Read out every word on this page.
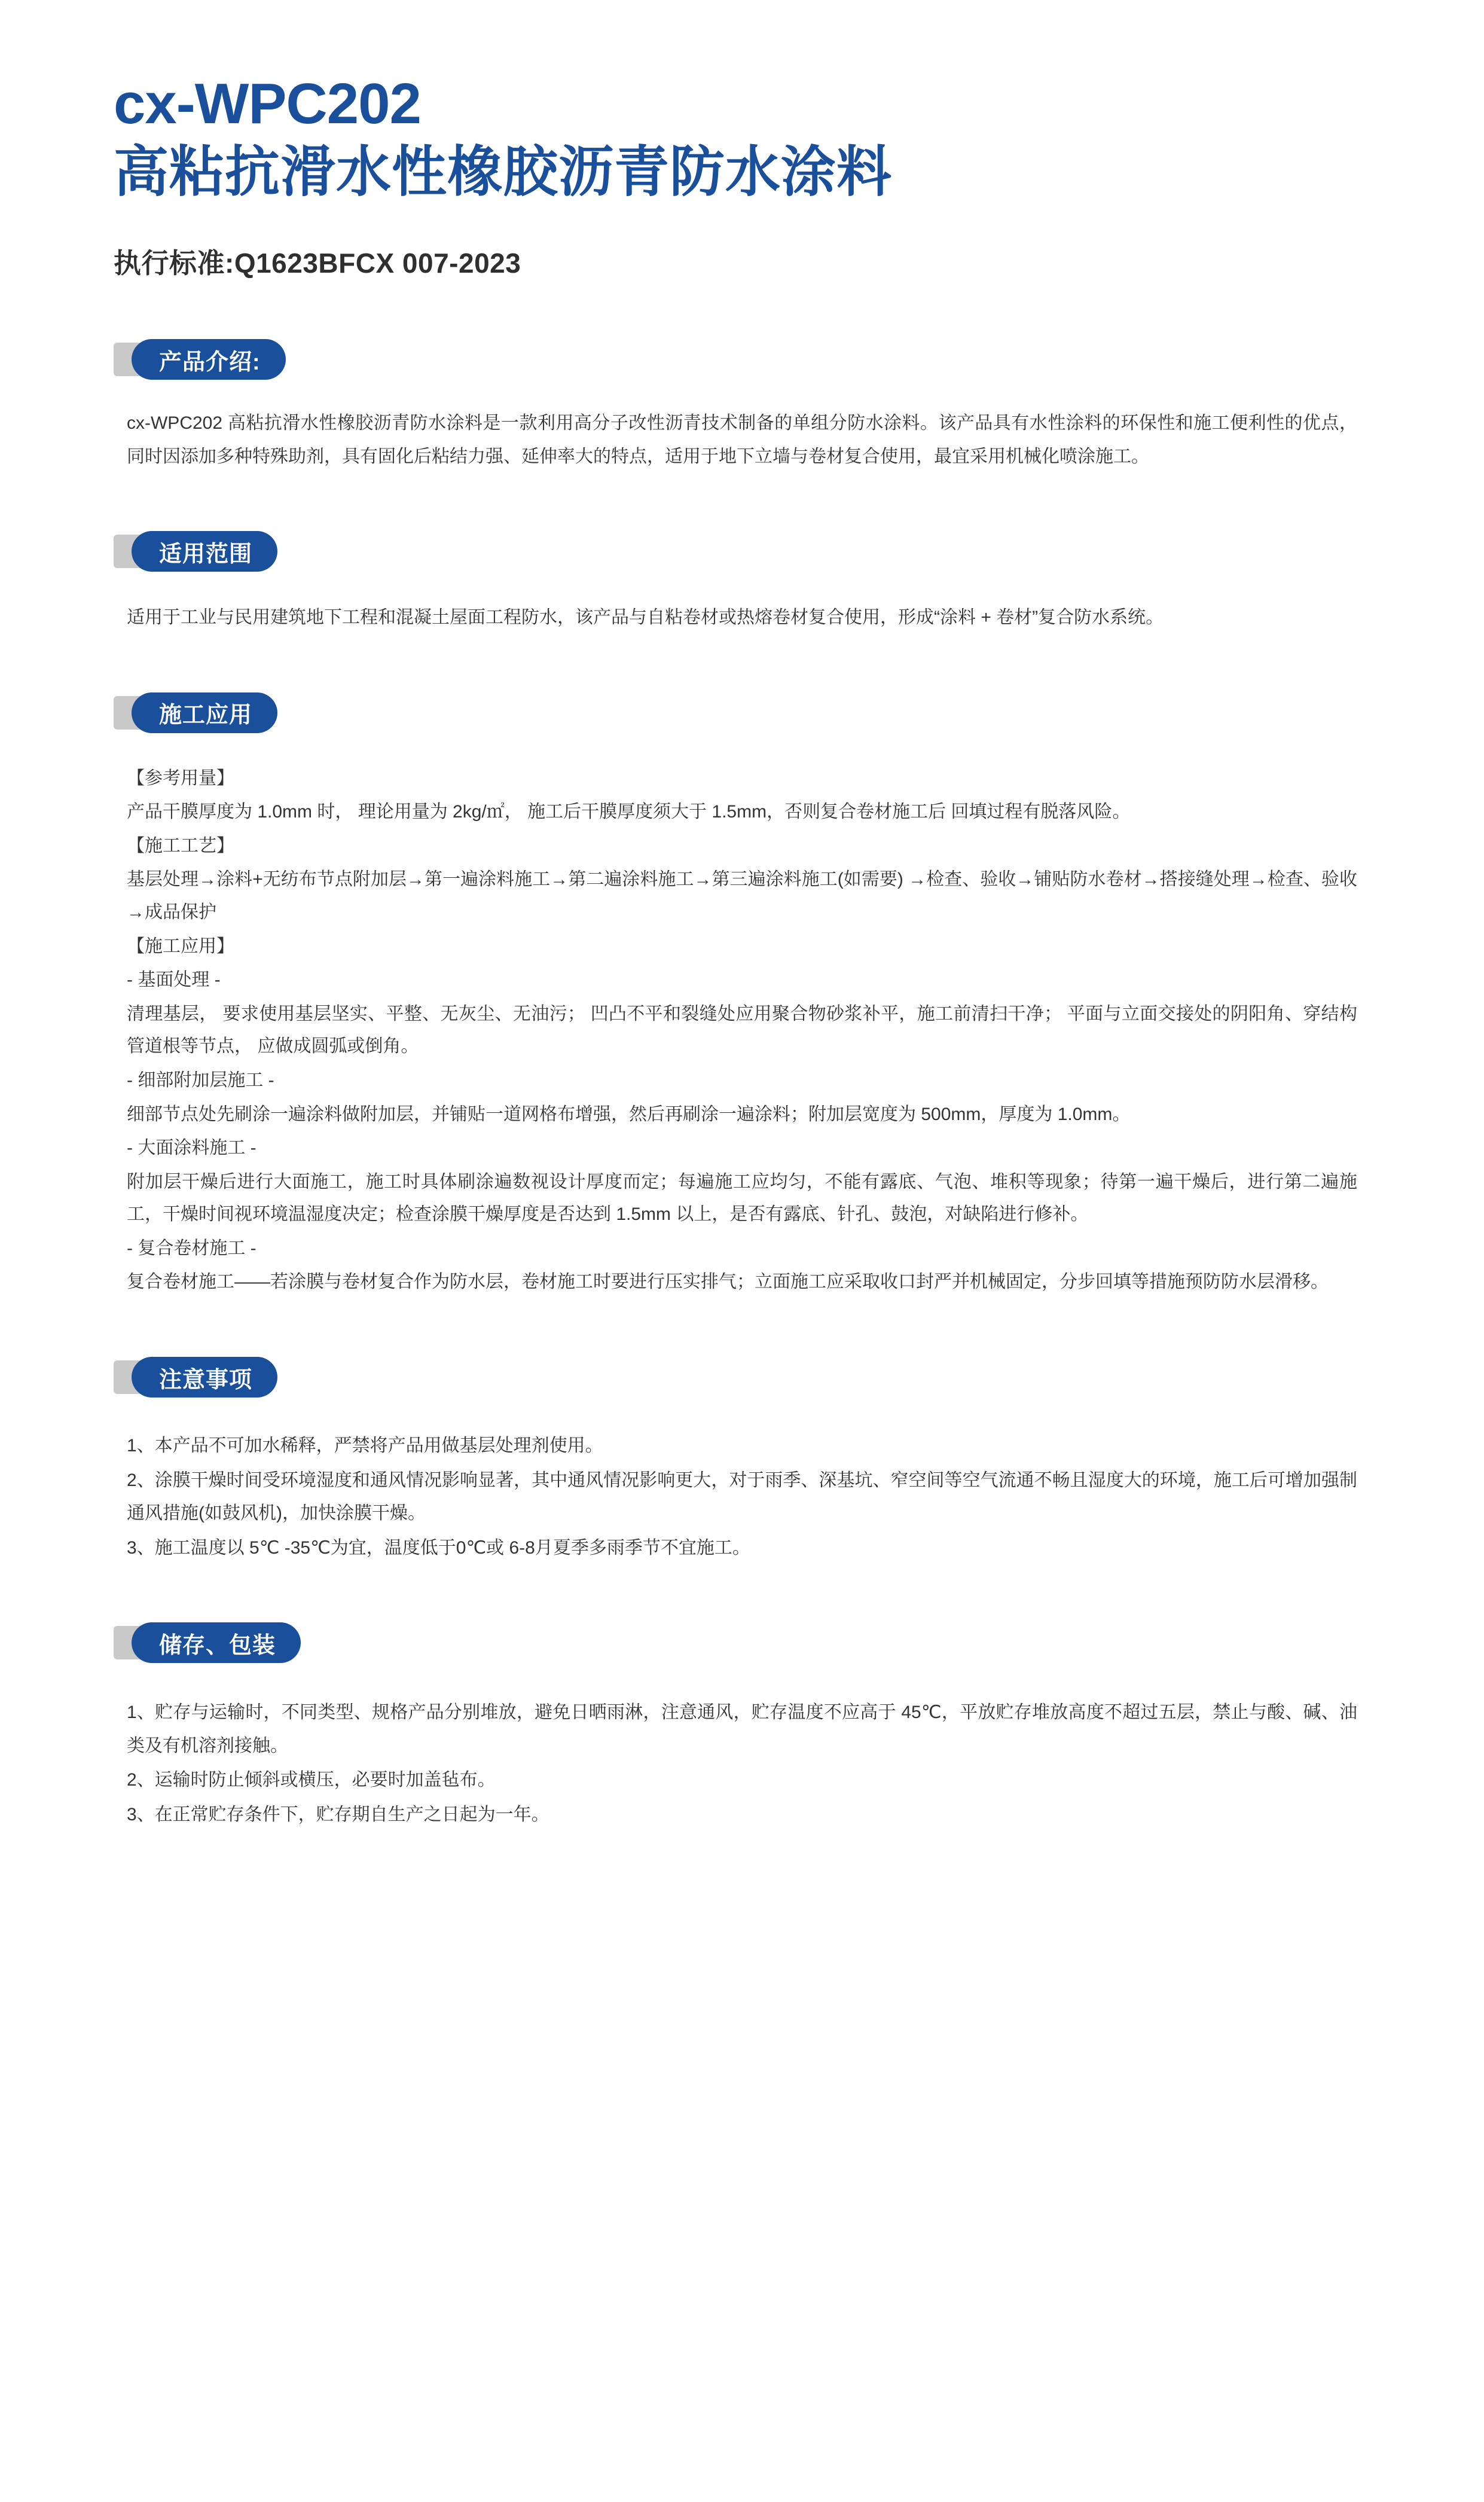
cx-WPC202
高粘抗滑水性橡胶沥青防水涂料
执行标准:Q1623BFCX 007-2023
产品介绍:

cx-WPC202 高粘抗滑水性橡胶沥青防水涂料是一款利用高分子改性沥青技术制备的单组分防水涂料。该产品具有水性涂料的环保性和施工便利性的优点，同时因添加多种特殊助剂，具有固化后粘结力强、延伸率大的特点，适用于地下立墙与卷材复合使用，最宜采用机械化喷涂施工。

适用范围

适用于工业与民用建筑地下工程和混凝土屋面工程防水，该产品与自粘卷材或热熔卷材复合使用，形成“涂料 + 卷材”复合防水系统。

施工应用

【参考用量】

产品干膜厚度为 1.0mm 时， 理论用量为 2kg/㎡， 施工后干膜厚度须大于 1.5mm，否则复合卷材施工后 回填过程有脱落风险。

【施工工艺】

基层处理→涂料+无纺布节点附加层→第一遍涂料施工→第二遍涂料施工→第三遍涂料施工(如需要) →检查、验收→铺贴防水卷材→搭接缝处理→检查、验收→成品保护

【施工应用】

- 基面处理 -

清理基层， 要求使用基层坚实、平整、无灰尘、无油污； 凹凸不平和裂缝处应用聚合物砂浆补平，施工前清扫干净； 平面与立面交接处的阴阳角、穿结构管道根等节点， 应做成圆弧或倒角。

- 细部附加层施工 -

细部节点处先刷涂一遍涂料做附加层，并铺贴一道网格布增强，然后再刷涂一遍涂料；附加层宽度为 500mm，厚度为 1.0mm。

- 大面涂料施工 -

附加层干燥后进行大面施工，施工时具体刷涂遍数视设计厚度而定；每遍施工应均匀，不能有露底、气泡、堆积等现象；待第一遍干燥后，进行第二遍施工，干燥时间视环境温湿度决定；检查涂膜干燥厚度是否达到 1.5mm 以上，是否有露底、针孔、鼓泡，对缺陷进行修补。

- 复合卷材施工 -

复合卷材施工——若涂膜与卷材复合作为防水层，卷材施工时要进行压实排气；立面施工应采取收口封严并机械固定，分步回填等措施预防防水层滑移。

注意事项

1、本产品不可加水稀释，严禁将产品用做基层处理剂使用。

2、涂膜干燥时间受环境湿度和通风情况影响显著，其中通风情况影响更大，对于雨季、深基坑、窄空间等空气流通不畅且湿度大的环境，施工后可增加强制通风措施(如鼓风机)，加快涂膜干燥。

3、施工温度以 5℃ -35℃为宜，温度低于0℃或 6-8月夏季多雨季节不宜施工。

储存、包装

1、贮存与运输时，不同类型、规格产品分别堆放，避免日晒雨淋，注意通风，贮存温度不应高于 45℃，平放贮存堆放高度不超过五层，禁止与酸、碱、油类及有机溶剂接触。

2、运输时防止倾斜或横压，必要时加盖毡布。

3、在正常贮存条件下，贮存期自生产之日起为一年。
